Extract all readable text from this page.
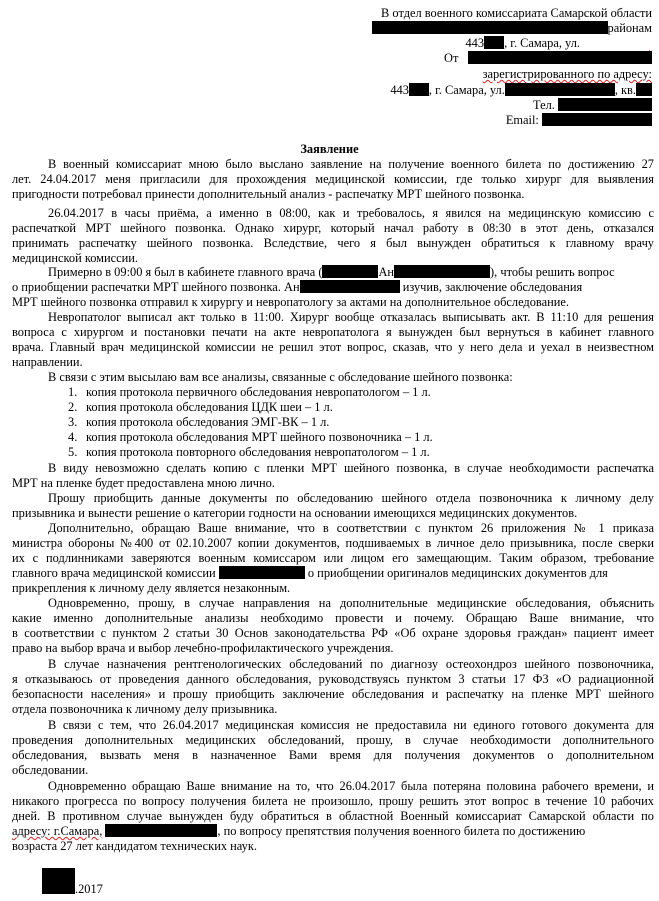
В отдел военного комиссариата Самарской области
районам
443 , г. Самара, ул.
От
зарегистрированного по адресу:
443 , г. Самара, ул.	, кв.
Тел.
Email:
Заявление
В военный комиссариат мною было выслано заявление на получение военного билета по достижению 27
лет. 24.04.2017 меня пригласили для прохождения медицинской комиссии, где только хирург для выявления
пригодности потребовал принести дополнительный анализ - распечатку МРТ шейного позвонка.
26.04.2017 в часы приёма, а именно в 08:00, как и требовалось, я явился на медицинскую комиссию с
распечаткой МРТ шейного позвонка. Однако хирург, который начал работу в 08:30 в этот день, отказался
принимать распечатку шейного позвонка. Вследствие, чего я был вынужден обратиться к главному врачу
медицинской комиссии.
Примерно в 09:00 я был в кабинете главного врача (	Ан	), чтобы решить вопрос
о приобщении распечатки МРТ шейного позвонка. Ан	изучив, заключение обследования
МРТ шейного позвонка отправил к хирургу и невропатологу за актами на дополнительное обследование.
Невропатолог выписал акт только в 11:00. Хирург вообще отказалась выписывать акт. В 11:10 для решения
вопроса с хирургом и постановки печати на акте невропатолога я вынужден был вернуться в кабинет главного
врача. Главный врач медицинской комиссии не решил этот вопрос, сказав, что у него дела и уехал в неизвестном
направлении.
В связи с этим высылаю вам все анализы, связанные с обследование шейного позвонка:
1. копия протокола первичного обследования невропатологом – 1 л.
2. копия протокола обследования ЦДК шеи – 1 л.
3. копия протокола обследования ЭМГ-ВК – 1 л.
4. копия протокола обследования МРТ шейного позвоночника – 1 л.
5. копия протокола повторного обследования невропатологом – 1 л.
В виду невозможно сделать копию с пленки МРТ шейного позвонка, в случае необходимости распечатка
МРТ на пленке будет предоставлена мною лично.
Прошу приобщить данные документы по обследованию шейного отдела позвоночника к личному делу
призывника и вынести решение о категории годности на основании имеющихся медицинских документов.
Дополнительно, обращаю Ваше внимание, что в соответствии с пунктом 26 приложения № 1 приказа
министра обороны №400 от 02.10.2007 копии документов, подшиваемых в личное дело призывника, после сверки
их с подлинниками заверяются военным комиссаром или лицом его замещающим. Таким образом, требование
главного врача медицинской комиссии	о приобщении оригиналов медицинских документов для
прикрепления к личному делу является незаконным.
Одновременно, прошу, в случае направления на дополнительные медицинские обследования, объяснить
какие именно дополнительные анализы необходимо провести и почему. Обращаю Ваше внимание, что
в соответствии с пунктом 2 статьи 30 Основ законодательства РФ «Об охране здоровья граждан» пациент имеет
право на выбор врача и выбор лечебно-профилактического учреждения.
В случае назначения рентгенологических обследований по диагнозу остеохондроз шейного позвоночника,
я отказываюсь от проведения данного обследования, руководствуясь пунктом 3 статьи 17 ФЗ «О радиационной
безопасности населения» и прошу приобщить заключение обследования и распечатку на пленке МРТ шейного
отдела позвоночника к личному делу призывника.
В связи с тем, что 26.04.2017 медицинская комиссия не предоставила ни единого готового документа для
проведения дополнительных медицинских обследований, прошу, в случае необходимости дополнительного
обследования, вызвать меня в назначенное Вами время для получения документов о дополнительном
обследовании.
Одновременно обращаю Ваше внимание на то, что 26.04.2017 была потеряна половина рабочего времени, и
никакого прогресса по вопросу получения билета не произошло, прошу решить этот вопрос в течение 10 рабочих
дней. В противном случае вынужден буду обратиться в областной Военный комиссариат Самарской области по
адресу: г.Самара,	, по вопросу препятствия получения военного билета по достижению
возраста 27 лет кандидатом технических наук.
.2017
